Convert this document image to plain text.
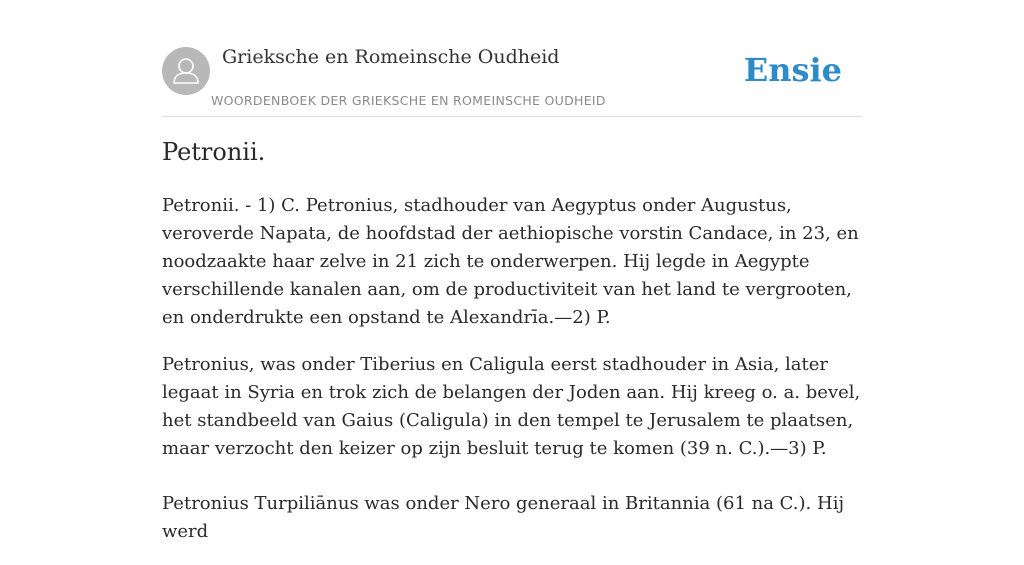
Grieksche en Romeinsche Oudheid
WOORDENBOEK DER GRIEKSCHE EN ROMEINSCHE OUDHEID
Ensie
Petronii.

Petronii. - 1) C. Petronius, stadhouder van Aegyptus onder Augustus, veroverde Napata, de hoofdstad der aethiopische vorstin Candace, in 23, en noodzaakte haar zelve in 21 zich te onderwerpen. Hij legde in Aegypte verschillende kanalen aan, om de productiviteit van het land te vergrooten, en onderdrukte een opstand te Alexandrīa.—2) P.

Petronius, was onder Tiberius en Caligula eerst stadhouder in Asia, later legaat in Syria en trok zich de belangen der Joden aan. Hij kreeg o. a. bevel, het standbeeld van Gaius (Caligula) in den tempel te Jerusalem te plaatsen, maar verzocht den keizer op zijn besluit terug te komen (39 n. C.).—3) P.

Petronius Turpiliānus was onder Nero generaal in Britannia (61 na C.). Hij werd
